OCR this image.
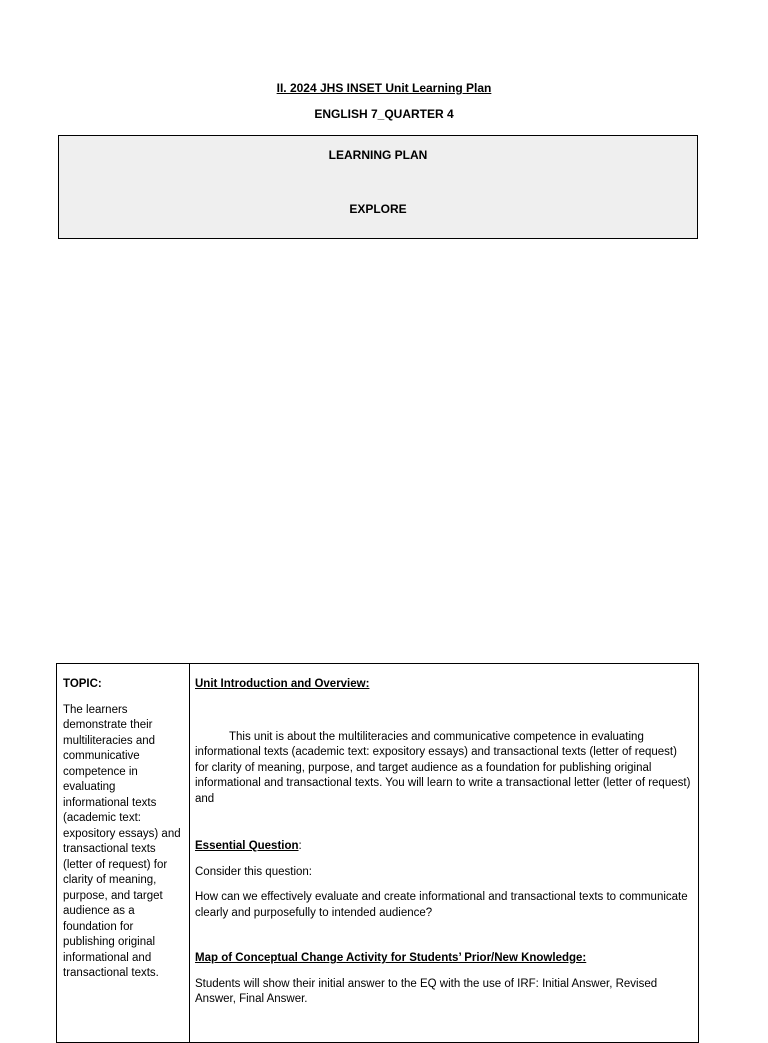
II. 2024 JHS INSET Unit Learning Plan
ENGLISH 7_QUARTER 4
LEARNING PLAN
EXPLORE
TOPIC:
The learners demonstrate their multiliteracies and communicative competence in evaluating informational texts (academic text: expository essays) and transactional texts (letter of request) for clarity of meaning, purpose, and target audience as a foundation for publishing original informational and transactional texts.
Unit Introduction and Overview:
This unit is about the multiliteracies and communicative competence in evaluating informational texts (academic text: expository essays) and transactional texts (letter of request) for clarity of meaning, purpose, and target audience as a foundation for publishing original informational and transactional texts. You will learn to write a transactional letter (letter of request) and
Essential Question:
Consider this question:
How can we effectively evaluate and create informational and transactional texts to communicate clearly and purposefully to intended audience?
Map of Conceptual Change Activity for Students’ Prior/New Knowledge:
Students will show their initial answer to the EQ with the use of IRF: Initial Answer, Revised Answer, Final Answer.
